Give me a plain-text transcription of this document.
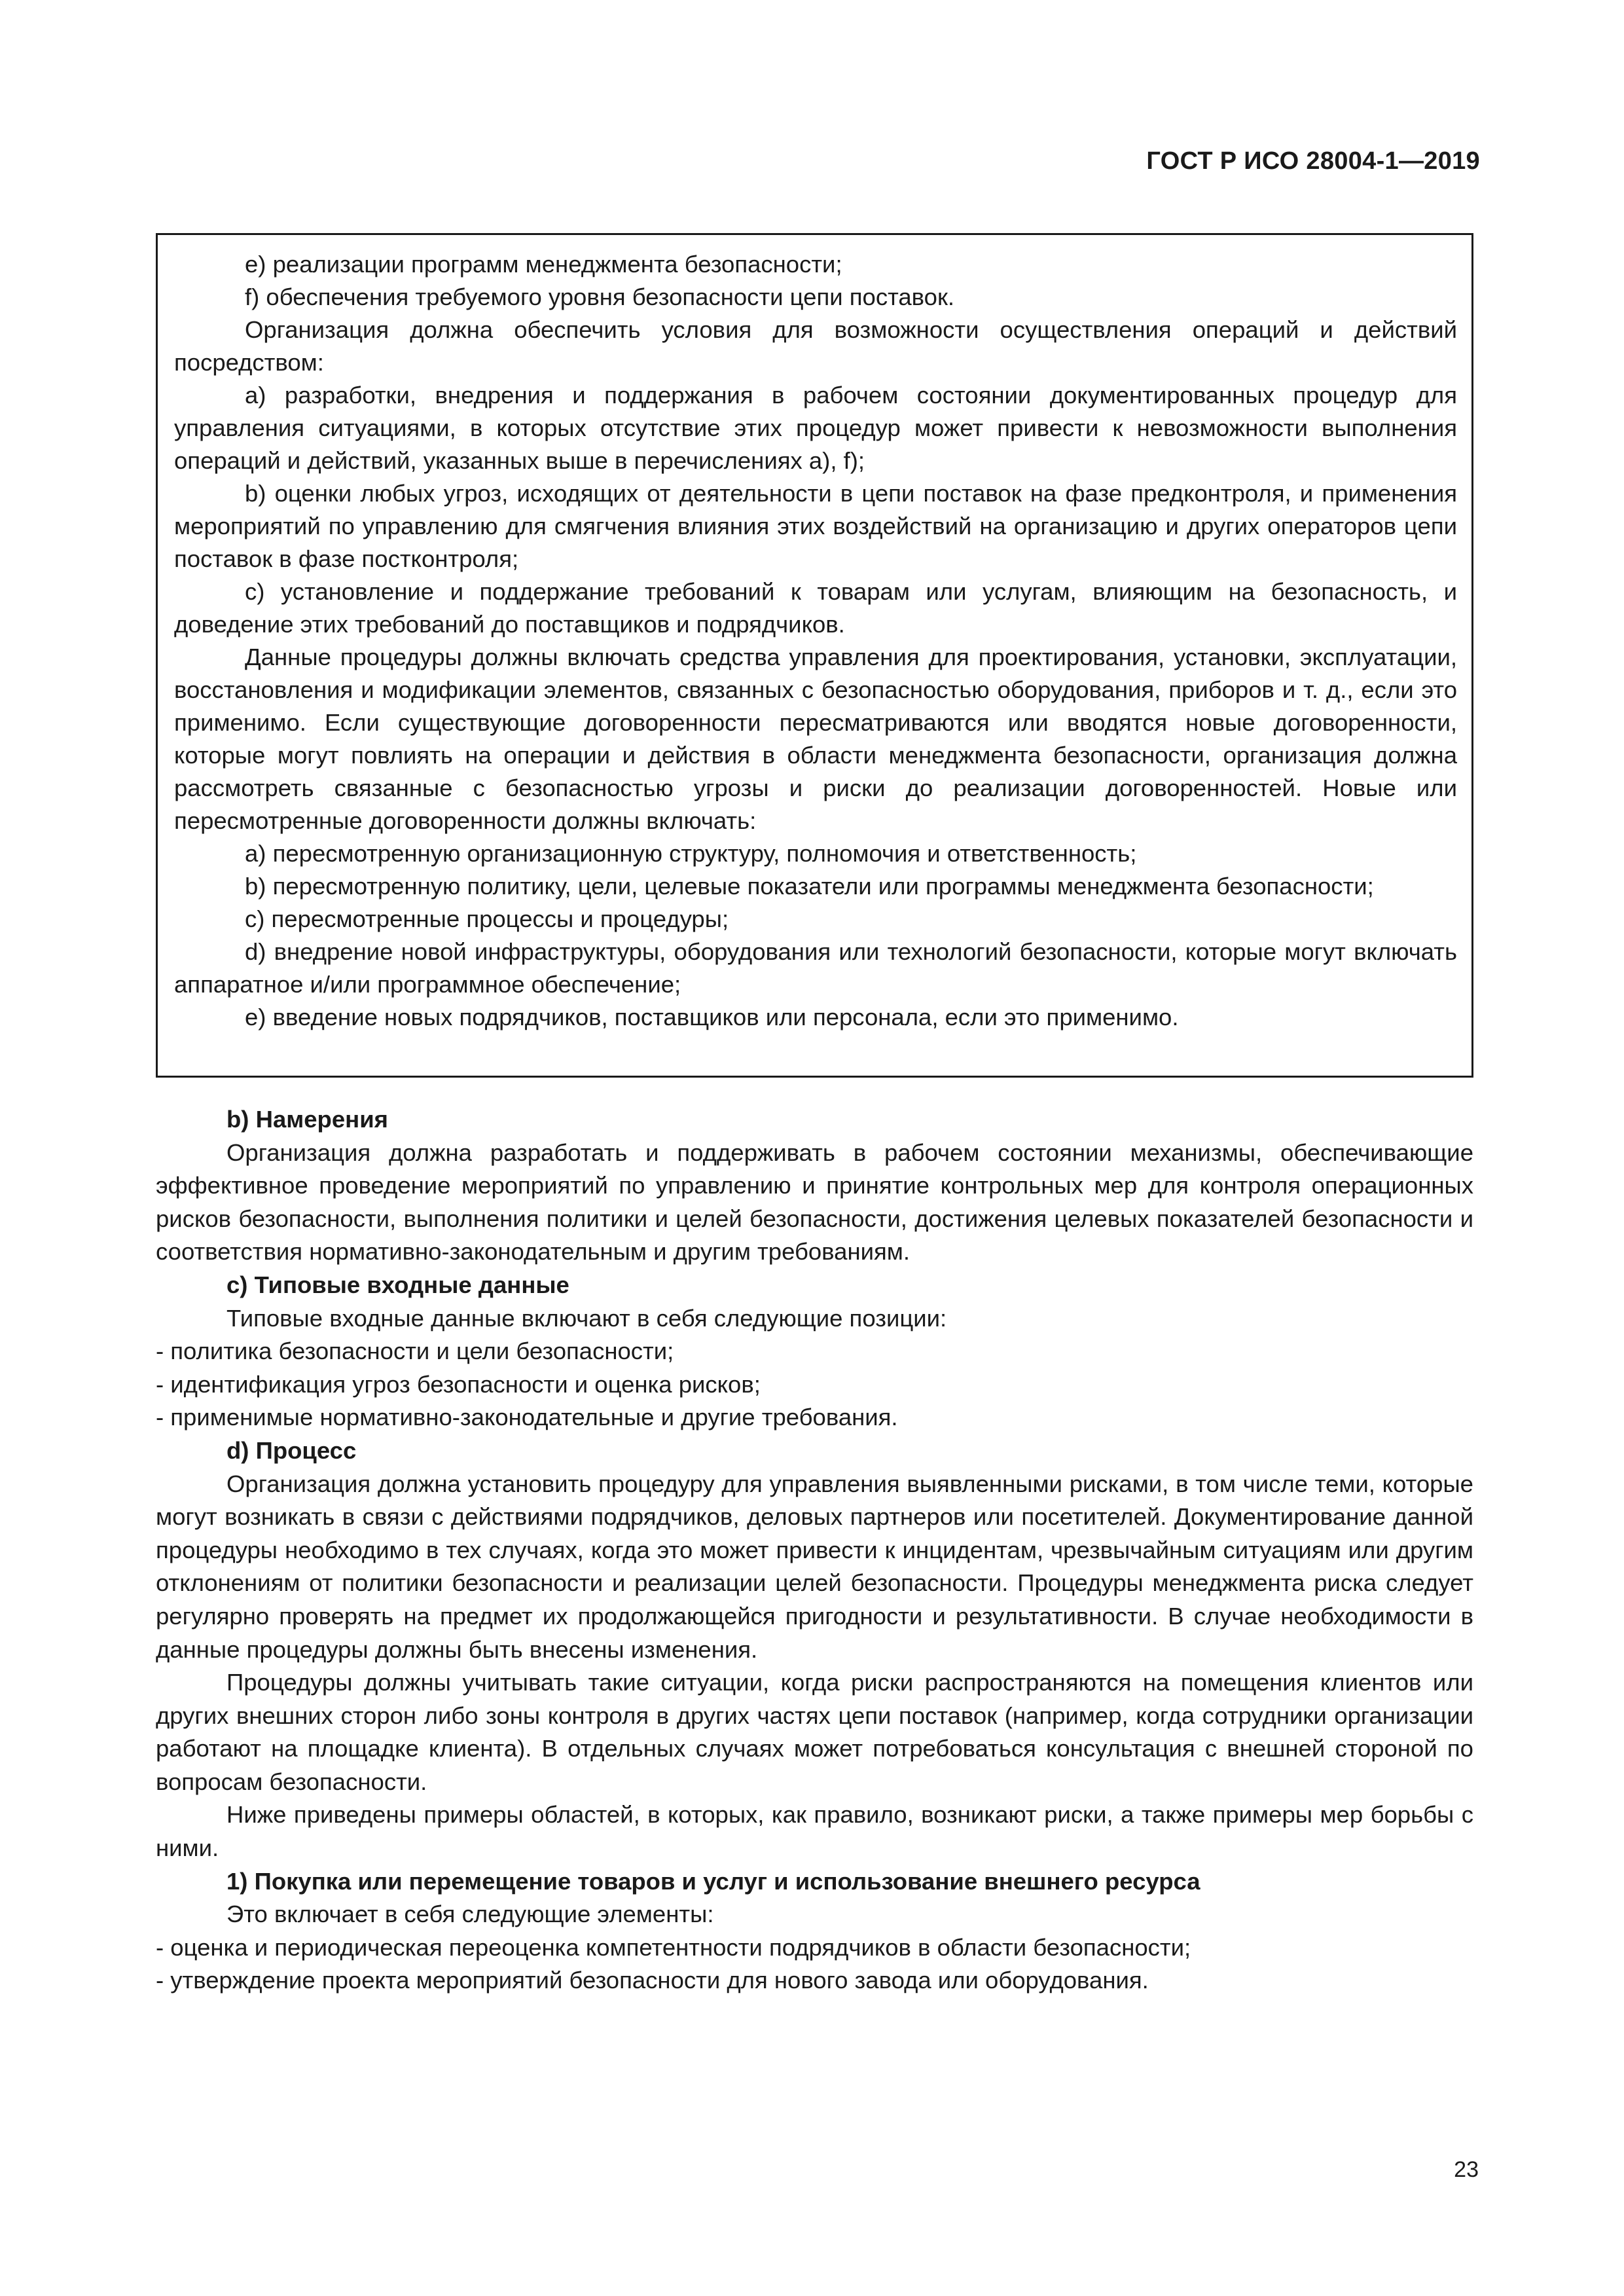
ГОСТ Р ИСО 28004-1—2019

е) реализации программ менеджмента безопасности;

f) обеспечения требуемого уровня безопасности цепи поставок.

Организация должна обеспечить условия для возможности осуществления операций и действий посредством:

a) разработки, внедрения и поддержания в рабочем состоянии документированных процедур для управления ситуациями, в которых отсутствие этих процедур может привести к невозможности выполнения операций и действий, указанных выше в перечислениях а), f);

b) оценки любых угроз, исходящих от деятельности в цепи поставок на фазе предконтроля, и применения мероприятий по управлению для смягчения влияния этих воздействий на организацию и других операторов цепи поставок в фазе постконтроля;

c) установление и поддержание требований к товарам или услугам, влияющим на безопасность, и доведение этих требований до поставщиков и подрядчиков.

Данные процедуры должны включать средства управления для проектирования, установки, эксплуатации, восстановления и модификации элементов, связанных с безопасностью оборудования, приборов и т. д., если это применимо. Если существующие договоренности пересматриваются или вводятся новые договоренности, которые могут повлиять на операции и действия в области менеджмента безопасности, организация должна рассмотреть связанные с безопасностью угрозы и риски до реализации договоренностей. Новые или пересмотренные договоренности должны включать:

a) пересмотренную организационную структуру, полномочия и ответственность;

b) пересмотренную политику, цели, целевые показатели или программы менеджмента безопасности;

c) пересмотренные процессы и процедуры;

d) внедрение новой инфраструктуры, оборудования или технологий безопасности, которые могут включать аппаратное и/или программное обеспечение;

e) введение новых подрядчиков, поставщиков или персонала, если это применимо.

b) Намерения

Организация должна разработать и поддерживать в рабочем состоянии механизмы, обеспечивающие эффективное проведение мероприятий по управлению и принятие контрольных мер для контроля операционных рисков безопасности, выполнения политики и целей безопасности, достижения целевых показателей безопасности и соответствия нормативно-законодательным и другим требованиям.

c) Типовые входные данные

Типовые входные данные включают в себя следующие позиции:

- политика безопасности и цели безопасности;

- идентификация угроз безопасности и оценка рисков;

- применимые нормативно-законодательные и другие требования.

d) Процесс

Организация должна установить процедуру для управления выявленными рисками, в том числе теми, которые могут возникать в связи с действиями подрядчиков, деловых партнеров или посетителей. Документирование данной процедуры необходимо в тех случаях, когда это может привести к инцидентам, чрезвычайным ситуациям или другим отклонениям от политики безопасности и реализации целей безопасности. Процедуры менеджмента риска следует регулярно проверять на предмет их продолжающейся пригодности и результативности. В случае необходимости в данные процедуры должны быть внесены изменения.

Процедуры должны учитывать такие ситуации, когда риски распространяются на помещения клиентов или других внешних сторон либо зоны контроля в других частях цепи поставок (например, когда сотрудники организации работают на площадке клиента). В отдельных случаях может потребоваться консультация с внешней стороной по вопросам безопасности.

Ниже приведены примеры областей, в которых, как правило, возникают риски, а также примеры мер борьбы с ними.

1) Покупка или перемещение товаров и услуг и использование внешнего ресурса

Это включает в себя следующие элементы:

- оценка и периодическая переоценка компетентности подрядчиков в области безопасности;

- утверждение проекта мероприятий безопасности для нового завода или оборудования.

23
